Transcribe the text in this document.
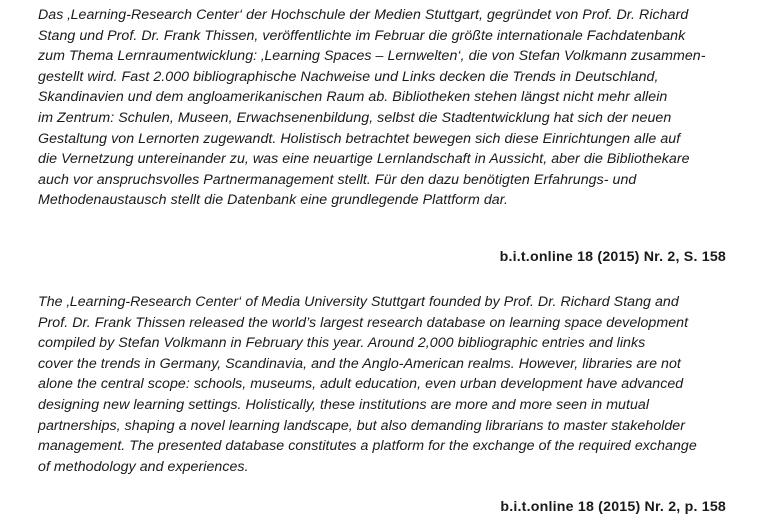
Das ‚Learning-Research Center‘ der Hochschule der Medien Stuttgart, gegründet von Prof. Dr. Richard
Stang und Prof. Dr. Frank Thissen, veröffentlichte im Februar die größte internationale Fachdatenbank
zum Thema Lernraumentwicklung: ‚Learning Spaces – Lernwelten‘, die von Stefan Volkmann zusammen-
gestellt wird. Fast 2.000 bibliographische Nachweise und Links decken die Trends in Deutschland,
Skandinavien und dem angloamerikanischen Raum ab. Bibliotheken stehen längst nicht mehr allein
im Zentrum: Schulen, Museen, Erwachsenenbildung, selbst die Stadtentwicklung hat sich der neuen
Gestaltung von Lernorten zugewandt. Holistisch betrachtet bewegen sich diese Einrichtungen alle auf
die Vernetzung untereinander zu, was eine neuartige Lernlandschaft in Aussicht, aber die Bibliothekare
auch vor anspruchsvolles Partnermanagement stellt. Für den dazu benötigten Erfahrungs- und
Methodenaustausch stellt die Datenbank eine grundlegende Plattform dar.

b.i.t.online 18 (2015) Nr. 2, S. 158

The ‚Learning-Research Center‘ of Media University Stuttgart founded by Prof. Dr. Richard Stang and
Prof. Dr. Frank Thissen released the world’s largest research database on learning space development
compiled by Stefan Volkmann in February this year. Around 2,000 bibliographic entries and links
cover the trends in Germany, Scandinavia, and the Anglo-American realms. However, libraries are not
alone the central scope: schools, museums, adult education, even urban development have advanced
designing new learning settings. Holistically, these institutions are more and more seen in mutual
partnerships, shaping a novel learning landscape, but also demanding librarians to master stakeholder
management. The presented database constitutes a platform for the exchange of the required exchange
of methodology and experiences.

b.i.t.online 18 (2015) Nr. 2, p. 158
